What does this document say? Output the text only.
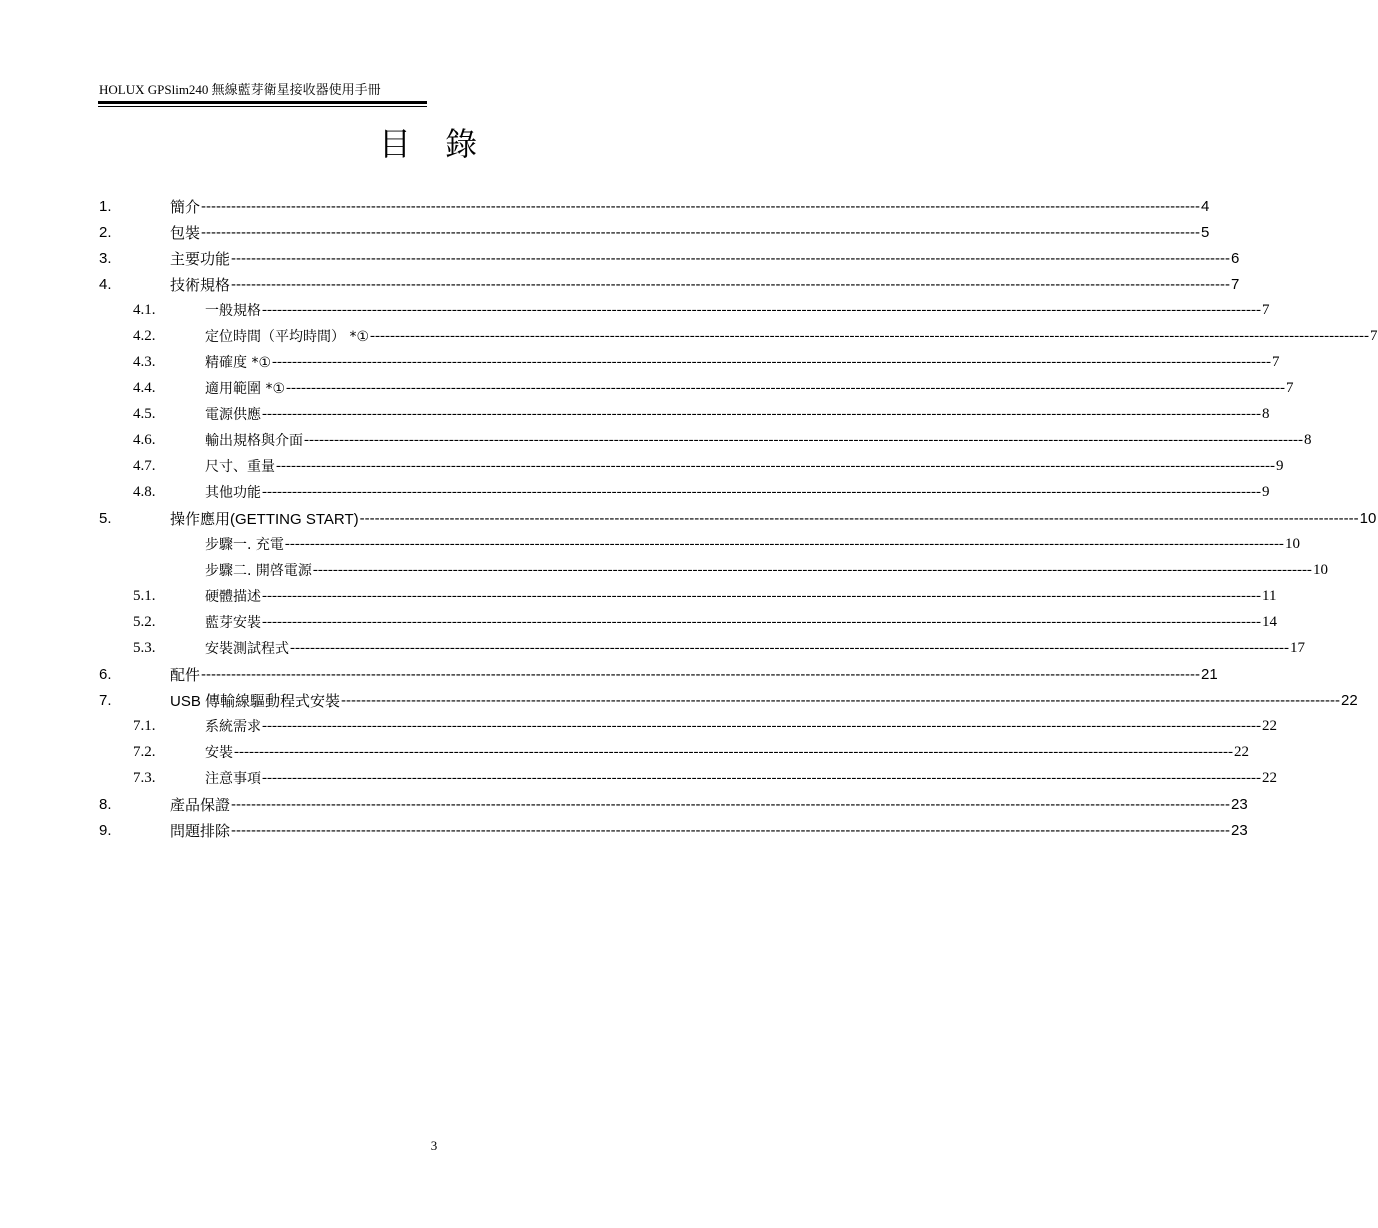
HOLUX GPSlim240 無線藍芽衛星接收器使用手冊
目 錄
1.	簡介 -------------------------------------------------------------------------------------------------------------------------------------------------------------------------------------------------------- 4
2.	包裝 -------------------------------------------------------------------------------------------------------------------------------------------------------------------------------------------------------- 5
3.	主要功能 -------------------------------------------------------------------------------------------------------------------------------------------------------------------------------------------------------- 6
4.	技術規格 -------------------------------------------------------------------------------------------------------------------------------------------------------------------------------------------------------- 7
4.1.	一般規格 -------------------------------------------------------------------------------------------------------------------------------------------------------------------------------------------------------- 7
4.2.	定位時間（平均時間） *① -------------------------------------------------------------------------------------------------------------------------------------------------------------------------------------------------------- 7
4.3.	精確度 *① -------------------------------------------------------------------------------------------------------------------------------------------------------------------------------------------------------- 7
4.4.	適用範圍 *① -------------------------------------------------------------------------------------------------------------------------------------------------------------------------------------------------------- 7
4.5.	電源供應 -------------------------------------------------------------------------------------------------------------------------------------------------------------------------------------------------------- 8
4.6.	輸出規格與介面 -------------------------------------------------------------------------------------------------------------------------------------------------------------------------------------------------------- 8
4.7.	尺寸、重量 -------------------------------------------------------------------------------------------------------------------------------------------------------------------------------------------------------- 9
4.8.	其他功能 -------------------------------------------------------------------------------------------------------------------------------------------------------------------------------------------------------- 9
5.	操作應用(GETTING START) -------------------------------------------------------------------------------------------------------------------------------------------------------------------------------------------------------- 10
步驟一. 充電 -------------------------------------------------------------------------------------------------------------------------------------------------------------------------------------------------------- 10
步驟二. 開啓電源 -------------------------------------------------------------------------------------------------------------------------------------------------------------------------------------------------------- 10
5.1.	硬體描述 -------------------------------------------------------------------------------------------------------------------------------------------------------------------------------------------------------- 11
5.2.	藍芽安裝 -------------------------------------------------------------------------------------------------------------------------------------------------------------------------------------------------------- 14
5.3.	安裝測試程式 -------------------------------------------------------------------------------------------------------------------------------------------------------------------------------------------------------- 17
6.	配件 -------------------------------------------------------------------------------------------------------------------------------------------------------------------------------------------------------- 21
7.	USB 傳輸線驅動程式安裝 -------------------------------------------------------------------------------------------------------------------------------------------------------------------------------------------------------- 22
7.1.	系統需求 -------------------------------------------------------------------------------------------------------------------------------------------------------------------------------------------------------- 22
7.2.	安裝 -------------------------------------------------------------------------------------------------------------------------------------------------------------------------------------------------------- 22
7.3.	注意事項 -------------------------------------------------------------------------------------------------------------------------------------------------------------------------------------------------------- 22
8.	產品保證 -------------------------------------------------------------------------------------------------------------------------------------------------------------------------------------------------------- 23
9.	問題排除 -------------------------------------------------------------------------------------------------------------------------------------------------------------------------------------------------------- 23
3
